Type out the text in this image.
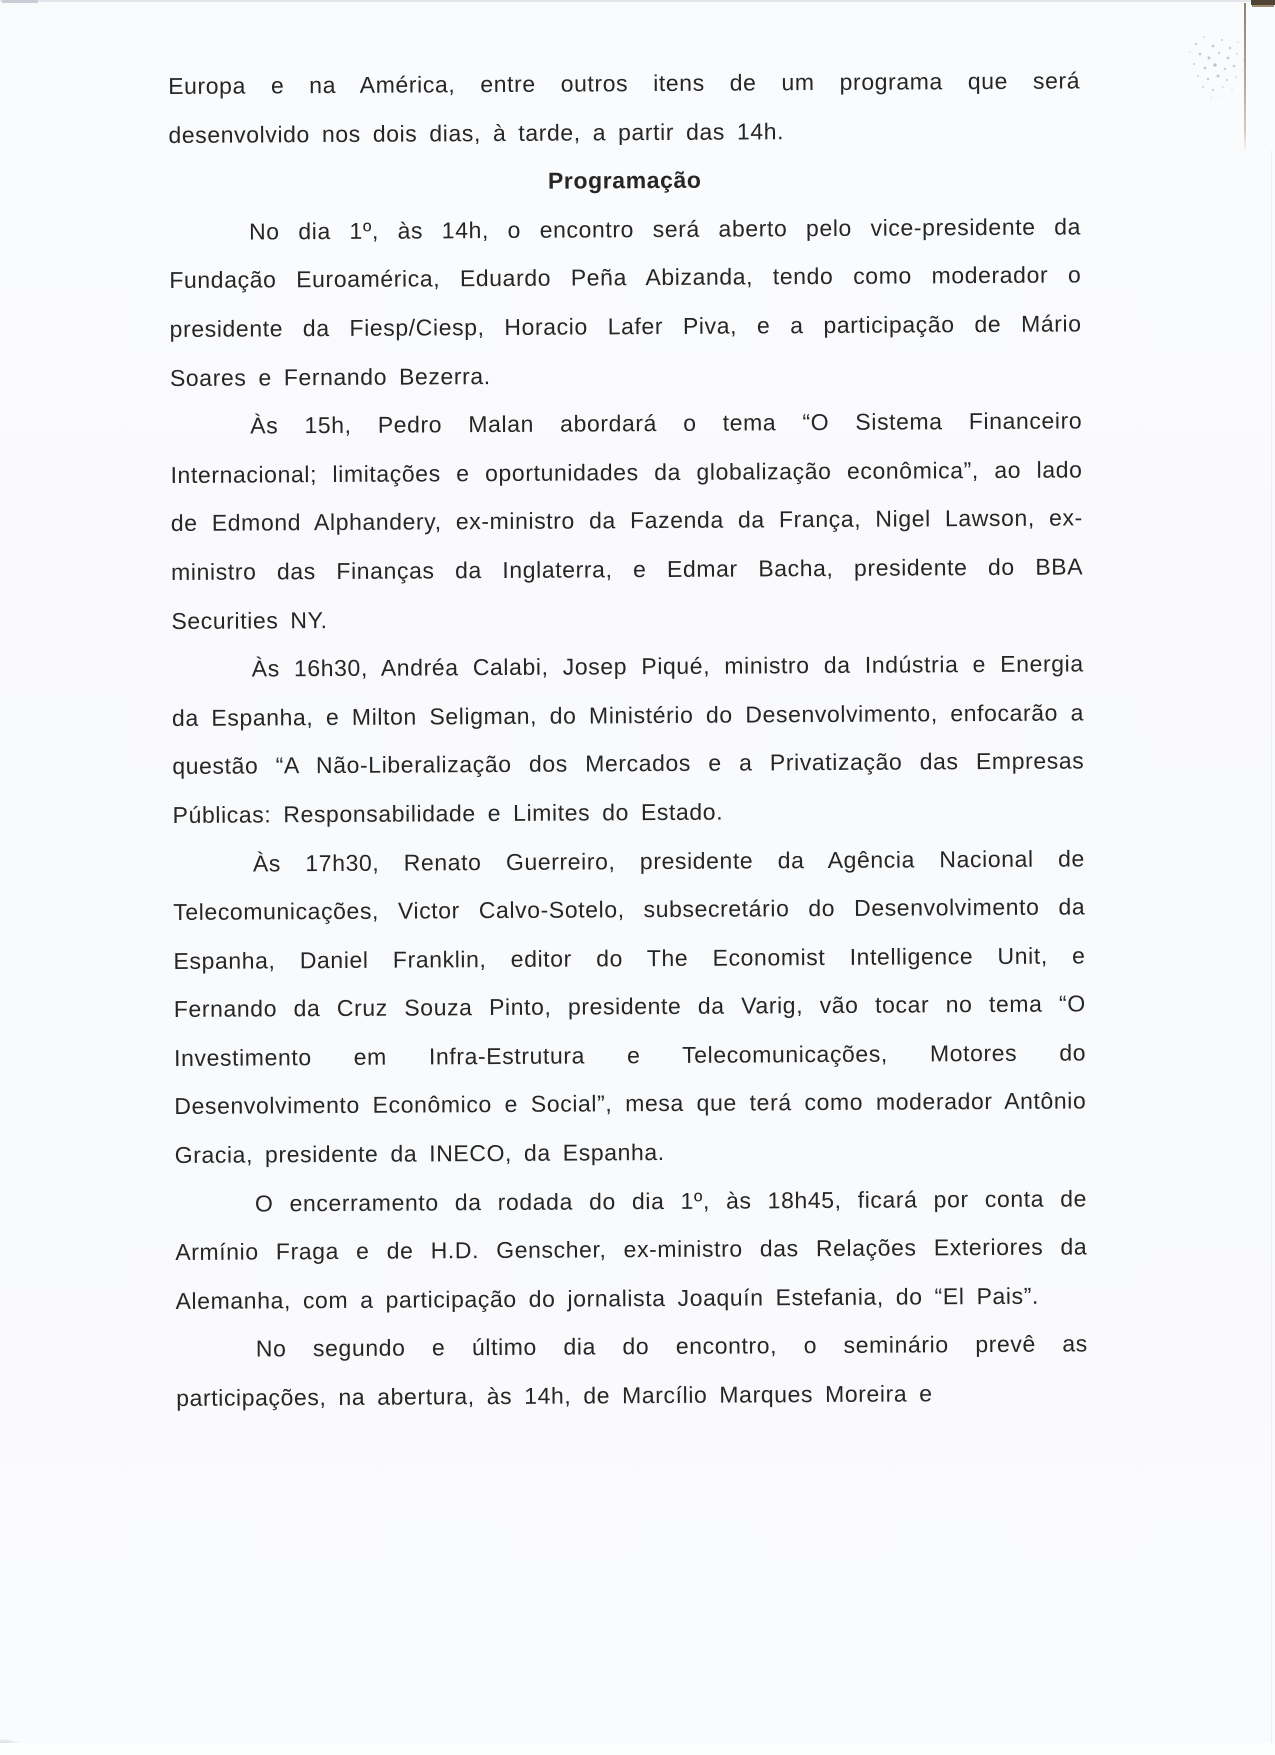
Europa e na América, entre outros itens de um programa que será desenvolvido nos dois dias, à tarde, a partir das 14h.

Programação

No dia 1º, às 14h, o encontro será aberto pelo vice-presidente da Fundação Euroamérica, Eduardo Peña Abizanda, tendo como moderador o presidente da Fiesp/Ciesp, Horacio Lafer Piva, e a participação de Mário Soares e Fernando Bezerra.

Às 15h, Pedro Malan abordará o tema “O Sistema Financeiro Internacional; limitações e oportunidades da globalização econômica”, ao lado de Edmond Alphandery, ex-ministro da Fazenda da França, Nigel Lawson, ex-ministro das Finanças da Inglaterra, e Edmar Bacha, presidente do BBA Securities NY.

Às 16h30, Andréa Calabi, Josep Piqué, ministro da Indústria e Energia da Espanha, e Milton Seligman, do Ministério do Desenvolvimento, enfocarão a questão “A Não-Liberalização dos Mercados e a Privatização das Empresas Públicas: Responsabilidade e Limites do Estado.

Às 17h30, Renato Guerreiro, presidente da Agência Nacional de Telecomunicações, Victor Calvo-Sotelo, subsecretário do Desenvolvimento da Espanha, Daniel Franklin, editor do The Economist Intelligence Unit, e Fernando da Cruz Souza Pinto, presidente da Varig, vão tocar no tema “O Investimento em Infra-Estrutura e Telecomunicações, Motores do Desenvolvimento Econômico e Social”, mesa que terá como moderador Antônio Gracia, presidente da INECO, da Espanha.

O encerramento da rodada do dia 1º, às 18h45, ficará por conta de Armínio Fraga e de H.D. Genscher, ex-ministro das Relações Exteriores da Alemanha, com a participação do jornalista Joaquín Estefania, do “El Pais”.

No segundo e último dia do encontro, o seminário prevê as participações, na abertura, às 14h, de Marcílio Marques Moreira e
